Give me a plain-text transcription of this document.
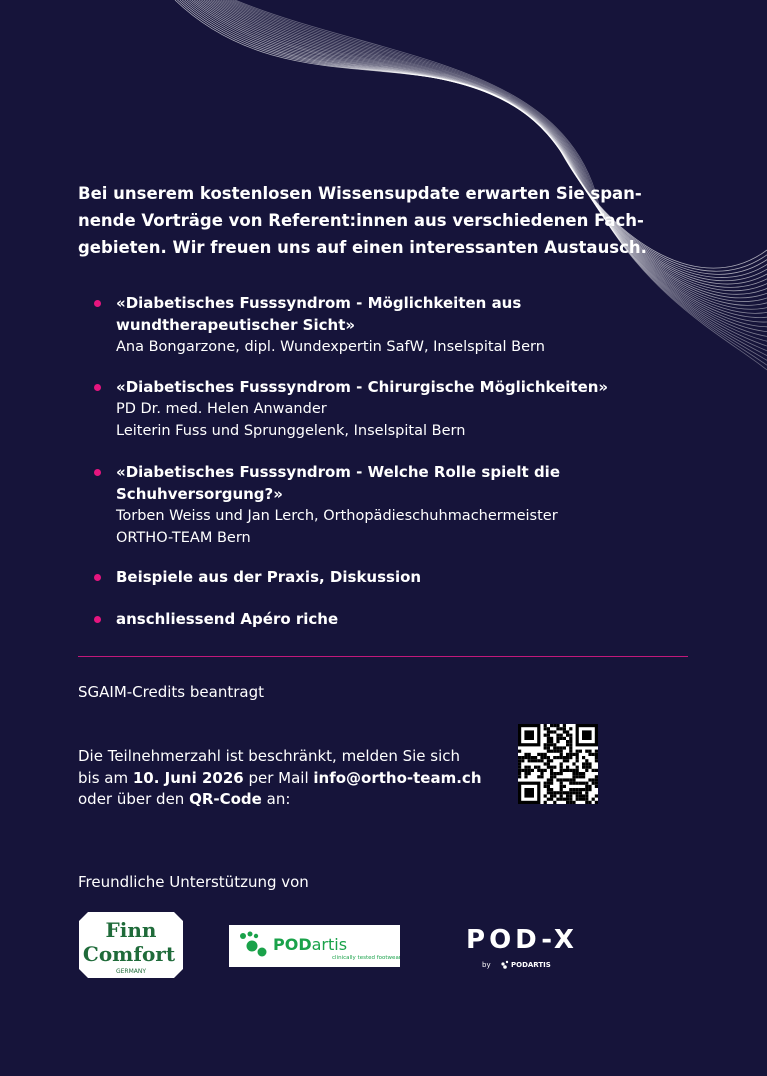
Bei unserem kostenlosen Wissensupdate erwarten Sie span-
nende Vorträge von Referent:innen aus verschiedenen Fach-
gebieten. Wir freuen uns auf einen interessanten Austausch.
«Diabetisches Fusssyndrom - Möglichkeiten aus
wundtherapeutischer Sicht»
Ana Bongarzone, dipl. Wundexpertin SafW, Inselspital Bern
«Diabetisches Fusssyndrom - Chirurgische Möglichkeiten»
PD Dr. med. Helen Anwander
Leiterin Fuss und Sprunggelenk, Inselspital Bern
«Diabetisches Fusssyndrom - Welche Rolle spielt die
Schuhversorgung?»
Torben Weiss und Jan Lerch, Orthopädieschuhmachermeister
ORTHO-TEAM Bern
Beispiele aus der Praxis, Diskussion
anschliessend Apéro riche
SGAIM-Credits beantragt
Die Teilnehmerzahl ist beschränkt, melden Sie sich
bis am 10. Juni 2026 per Mail info@ortho-team.ch
oder über den QR-Code an:
Freundliche Unterstützung von
Finn
Comfort
GERMANY
PODartis
clinically tested footwear
POD-X
by	PODARTIS
